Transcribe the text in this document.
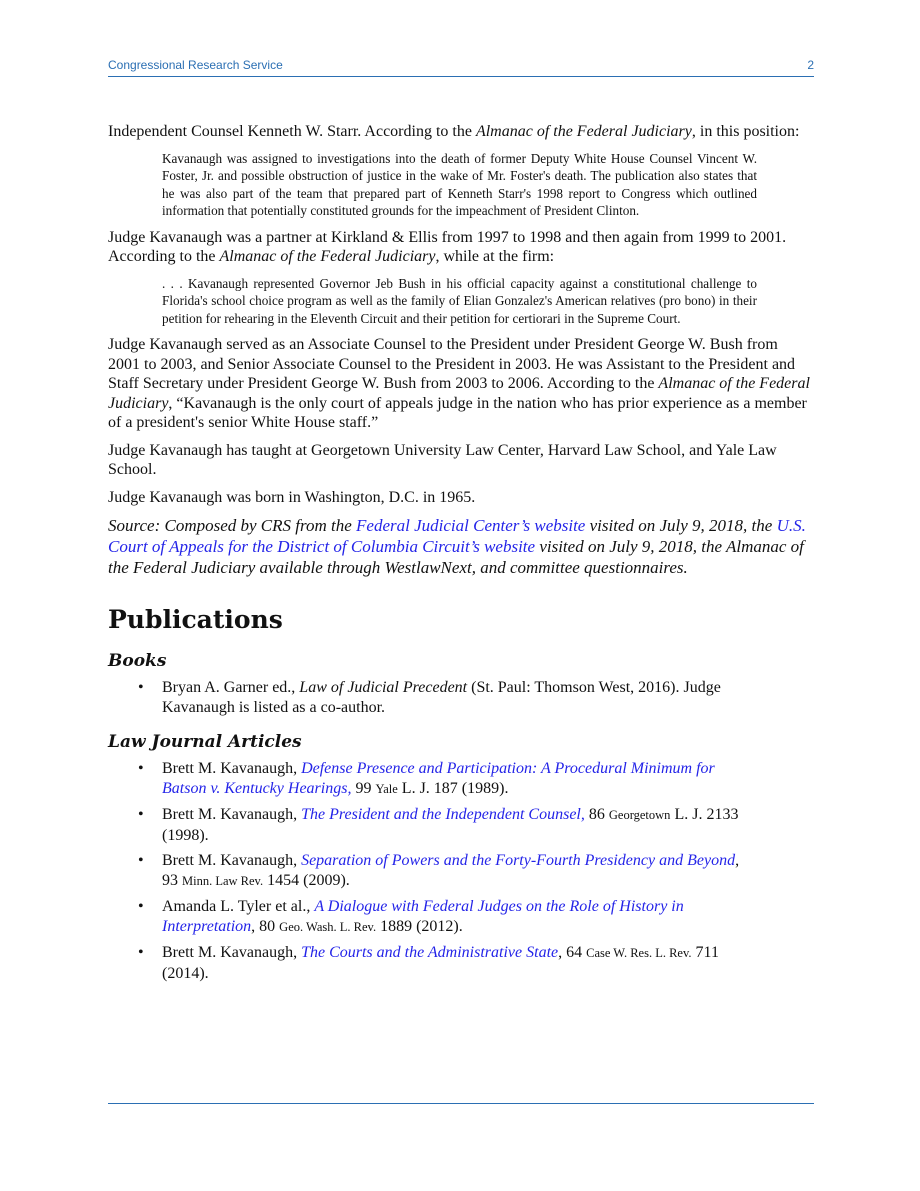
Congressional Research Service	2

Independent Counsel Kenneth W. Starr. According to the Almanac of the Federal Judiciary, in this position:

Kavanaugh was assigned to investigations into the death of former Deputy White House Counsel Vincent W. Foster, Jr. and possible obstruction of justice in the wake of Mr. Foster's death. The publication also states that he was also part of the team that prepared part of Kenneth Starr's 1998 report to Congress which outlined information that potentially constituted grounds for the impeachment of President Clinton.

Judge Kavanaugh was a partner at Kirkland & Ellis from 1997 to 1998 and then again from 1999 to 2001. According to the Almanac of the Federal Judiciary, while at the firm:

. . . Kavanaugh represented Governor Jeb Bush in his official capacity against a constitutional challenge to Florida's school choice program as well as the family of Elian Gonzalez's American relatives (pro bono) in their petition for rehearing in the Eleventh Circuit and their petition for certiorari in the Supreme Court.

Judge Kavanaugh served as an Associate Counsel to the President under President George W. Bush from 2001 to 2003, and Senior Associate Counsel to the President in 2003. He was Assistant to the President and Staff Secretary under President George W. Bush from 2003 to 2006. According to the Almanac of the Federal Judiciary, “Kavanaugh is the only court of appeals judge in the nation who has prior experience as a member of a president's senior White House staff.”

Judge Kavanaugh has taught at Georgetown University Law Center, Harvard Law School, and Yale Law School.

Judge Kavanaugh was born in Washington, D.C. in 1965.

Source: Composed by CRS from the Federal Judicial Center’s website visited on July 9, 2018, the U.S. Court of Appeals for the District of Columbia Circuit’s website visited on July 9, 2018, the Almanac of the Federal Judiciary available through WestlawNext, and committee questionnaires.

Publications
Books
• Bryan A. Garner ed., Law of Judicial Precedent (St. Paul: Thomson West, 2016). Judge Kavanaugh is listed as a co-author.
Law Journal Articles
• Brett M. Kavanaugh, Defense Presence and Participation: A Procedural Minimum for Batson v. Kentucky Hearings, 99 Yale L. J. 187 (1989).
• Brett M. Kavanaugh, The President and the Independent Counsel, 86 Georgetown L. J. 2133 (1998).
• Brett M. Kavanaugh, Separation of Powers and the Forty-Fourth Presidency and Beyond, 93 Minn. Law Rev. 1454 (2009).
• Amanda L. Tyler et al., A Dialogue with Federal Judges on the Role of History in Interpretation, 80 Geo. Wash. L. Rev. 1889 (2012).
• Brett M. Kavanaugh, The Courts and the Administrative State, 64 Case W. Res. L. Rev. 711 (2014).
